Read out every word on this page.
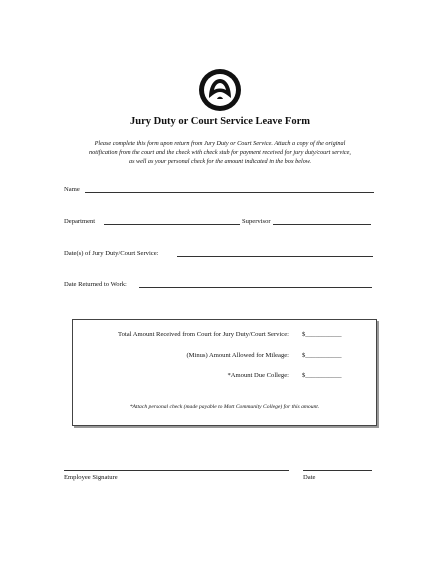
Jury Duty or Court Service Leave Form
Please complete this form upon return from Jury Duty or Court Service. Attach a copy of the original
notification from the court and the check with check stub for payment received for jury duty/court service,
as well as your personal check for the amount indicated in the box below.
Name
Department	Supervisor
Date(s) of Jury Duty/Court Service:
Date Returned to Work:
Total Amount Received from Court for Jury Duty/Court Service: $___________
(Minus) Amount Allowed for Mileage: $___________
*Amount Due College: $___________
*Attach personal check (made payable to Mott Community College) for this amount.
Employee Signature	Date
